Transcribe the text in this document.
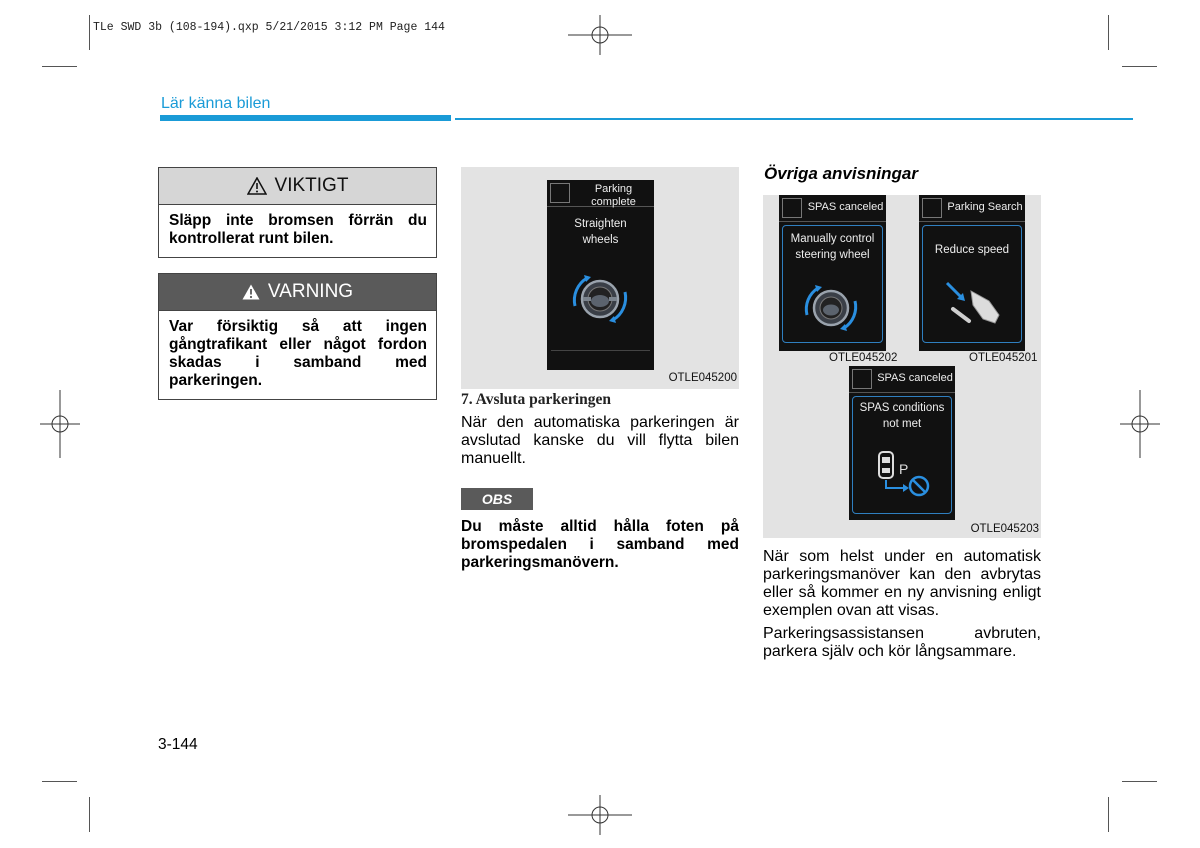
TLe SWD 3b (108-194).qxp 5/21/2015 3:12 PM Page 144
Lär känna bilen
VIKTIGT
Släpp inte bromsen förrän du kontrollerat runt bilen.
VARNING
Var försiktig så att ingen gångtrafikant eller något fordon skadas i samband med parkeringen.
Parking
complete
Straighten
wheels
OTLE045200
7. Avsluta parkeringen
När den automatiska parkeringen är avslutad kanske du vill flytta bilen manuellt.
OBS
Du måste alltid hålla foten på bromspedalen i samband med parkeringsmanövern.
Övriga anvisningar
SPAS canceled
Manually control
steering wheel
OTLE045202
Parking Search
Reduce speed
OTLE045201
SPAS canceled
SPAS conditions
not met
P
OTLE045203
När som helst under en automatisk parkeringsmanöver kan den avbrytas eller så kommer en ny anvisning enligt exemplen ovan att visas.
Parkeringsassistansen avbruten, parkera själv och kör långsammare.
3-144
